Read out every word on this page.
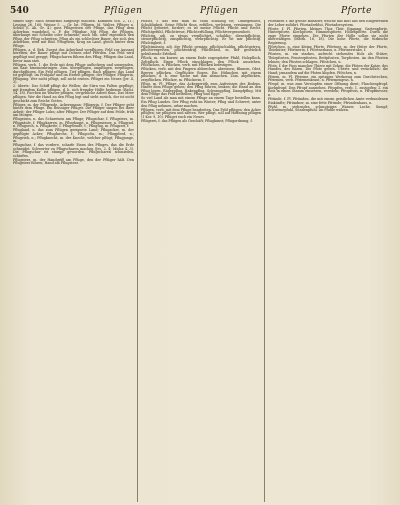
540	Pflügen	Pflügen	Pforte

sinnes sagt: nach Bedürfnis aufgelegt machen. Kommen sch. 2, 11.; Lessing 26, 160; Weisse 5. — Gr. lat. Pflügen, M. Walter, Pflüger n. Schild (I. Ak. Gr. 4.) guss Pflügerisen der Pflüge, das Pflug dem Ackerbau wandelnd, u. P. die Pflügbar. Mit Pflug, die Pflügen, überhaupt mit Scheibe oder Schneide; noch Mb. oder eigentlich den Pflug, der Pflug schreiten; Pflug als ein schlechter Bauer, der sich den Ackerbau, wird mit Rüd. Pflugstein, Krug an Land, gleich hinter dem Pfluge.

Pflügen, a. d. Bek. Zuerst das Ackerland vorpflügen, Feld zur Aussaat bereiten; der Bauer pflügt mit Ochsen oder Pferden. Das Feld wird gepflügt und geeggt; Pflugscharen führen den Pflug; Pflügen das Land, bevor man säet.

Pflügen, verb. 1. die Erde mit dem Pfluge auflockern und umwenden, um Saat hineinzubringen. Zsm. überpflügen, umpflügen, zerpflügen, durchpflügen. Ein Feld pflügen. Tief pflügen, flach pflügen; das Land ist gepflügt. Im Frühjahr und im Herbst pflügen; der Pflüger, Pflügerin, Pflügung. Wer nicht pflügt, soll nicht ernten. Pflüget ein Neues (Jer. 4, 3).

2. übertr.: Das Schiff pflügt die Wellen; die Stirn von Falten gepflügt; mit fremdem Kalbe pflügen, d. h. sich fremder Hülfe bedienen (Richt. 14, 18). Furchen im Wasser pflügen, vergebliche Arbeit thun. Das Meer pflügen. Wer die Hand an den Pflug legt und sieht zurück, der ist nicht geschickt zum Reiche Gottes.

Pflüger, m. der Pflügende, Ackersmann; Pflügerin, f. Der Pflüger geht hinter dem Pfluge. Ein fleissiger Pflüger. Die Pflüger singen bei ihrer Arbeit; der Pflüger Lohn; alter Pflüger. Der Pflüger auf dem Felde, früh am Morgen.

Pflugeisen, n. das Schareisen am Pfluge; Pflugschar, f. Pflugsterz, m. Pflugsäule, f. Pflugkarren, m. Pflughaupt, n. Pflugmesser, n. Pflugrad, n. Pflugsech, n. Pflugkette, f. Pflugwende, f.; Pflugtag, m. Pflugzeit, f.

Pflugland, n. das zum Pflügen geeignete Land; Pflugacker, m. der gepflügte Acker; Pflugfurche, f.; Pflugochs, m.; Pflugpferd, n.; Pflugvieh, n.; Pflugknecht, m. der Knecht, welcher pflügt; Pflugjunge, m.

Pflugschar, f. das vordere, scharfe Eisen des Pfluges, das die Erde schneidet. Schwerter zu Pflugscharen machen (Jes. 2, 4; Micha 4, 3). Die Pflugschar ist stumpf geworden. Pflugscharen schmieden, schärfen.

Pflugsterz, m. der Handgriff am Pfluge, den der Pflüger hält. Den Pflugsterz führen; Hand am Pflugsterz.

Pflicht, f. das was man zu thun schuldig ist; Obliegenheit, Schuldigkeit. Seine Pflicht thun, erfüllen, verletzen, versäumen. Die Pflicht gebietet, fordert; es ist meine Pflicht. Pflicht und Recht. Pflichtgefühl, Pflichttreue, Pflichterfüllung, Pflichtvergessenheit.

Pflichtig, adj. zu etwas verpflichtet, schuldig; dienstpflichtig, steuerpflichtig, zinspflichtig, wehrpflichtig. Er ist mir pflichtig. Pflichtigkeit, f.

Pflichtmässig, adj. der Pflicht gemäss; pflichtschuldig, pflichtgetreu, pflichtvergessen, pflichtwidrig. Pflichttheil, m. der gesetzlich gebührende Erbtheil.

Pflock, m. ein kurzer, an einem Ende zugespitzter Pfahl; Holzpflock, Zeltpflock. Einen Pflock einschlagen; den Pflock ausziehen. Pflöckchen, n. Pflöcken, verb. mit Pflöcken befestigen.

Pflücken, verb. mit den Fingern abbrechen, abreissen; Blumen, Obst, Beeren pflücken. Gepflückte Rosen. Ein Hühnchen mit einem pflücken, d. h. eine Sache mit ihm abmachen. Zsm. abpflücken, zerpflücken. Pflücker, m. Pflückerin, f.

Pflug, m. Pl. Pflüge, das Ackergeräth zum Aufreissen des Bodens. Hinter dem Pfluge gehen; den Pflug führen, lenken; die Hand an den Pflug legen. Räderpflug, Hakenpflug, Schwingpflug, Dampfpflug. Mit dem Pfluge das Feld bestellen; Pflug und Egge.

So viel Land als man mit einem Pfluge an einem Tage bestellen kann. Ein Pflug Landes. Der Pflug ruht im Winter; Pflug und Schwert; unter den Pflug nehmen, urbar machen.

Pflügen, verb. mit dem Pfluge bearbeiten. Das Feld pflügen; den Acker pflügen; sie pflügten und säeten. Wer pflügt, soll auf Hoffnung pflügen (1 Kor. 9, 10). Pflüget euch ein Neues.

Pflügerei, f. das Pflügen als Geschäft; Pflugkunst; Pflugordnung, f.

Pfortader, f. die grosse Blutader, welche das Blut aus den Eingeweiden der Leber zuführt. Pfortaderblut, Pfortadersystem.

Pforte, f. Pl. Pforten, kleines Thor, Thür, Eingang; Gartenpforte, Hinterpforte, Kirchpforte, Himmelspforte, Höllenpforte. Durch die enge Pforte eingehen. Die Pforten der Hölle sollen sie nicht überwältigen (Matth. 16, 18). Die hohe Pforte, die türkische Regierung.

Pförtchen, n. eine kleine Pforte. Pförtner, m. der Hüter der Pforte, Thürhüter; Pförtnerin, f. Pförtnerhaus, n. Pförtnerstube, f.

Pfosten, m. ein starkes, aufrecht stehendes Holz als Stütze; Thürpfosten, Fensterpfosten, Bettpfosten, Torpfosten. An den Pfosten lehnen; den Pfosten schlagen. Pföstchen, n.

Pfote, f. der Fuss mancher Thiere mit Zehen; die Pfoten der Katze, des Hundes, des Bären. Die Pfote geben. Übertr. und verächtlich: die Hand; jemandem auf die Pfoten klopfen. Pfötchen, n.

Pfriem, m. Pl. Pfrieme, ein spitziges Werkzeug zum Durchstechen; Pfriemen, verb. Pfriemenkraut, n. Pfriemengras, n.

Pfropf, m. was zum Verstopfen einer Öffnung dient; Flaschenpfropf, Korkpfropf. Den Pfropf ausziehen. Pfropfen, verb. 1. zustopfen; 2. ein Reis in einen Stamm einsetzen, veredeln; Pfropfreis, n. Pfropfmesser, n.

Pfründe, f. Pl. Pfründen, die mit einem geistlichen Amte verbundenen Einkünfte; Pfründner, m. eine fette Pfründe; Pfründenhaus, n.

Pfuhl, m. stehendes, schmutziges Wasser, Lache, Sumpf; Schweinepfuhl, Sündenpfuhl. Im Pfuhle wälzen.
